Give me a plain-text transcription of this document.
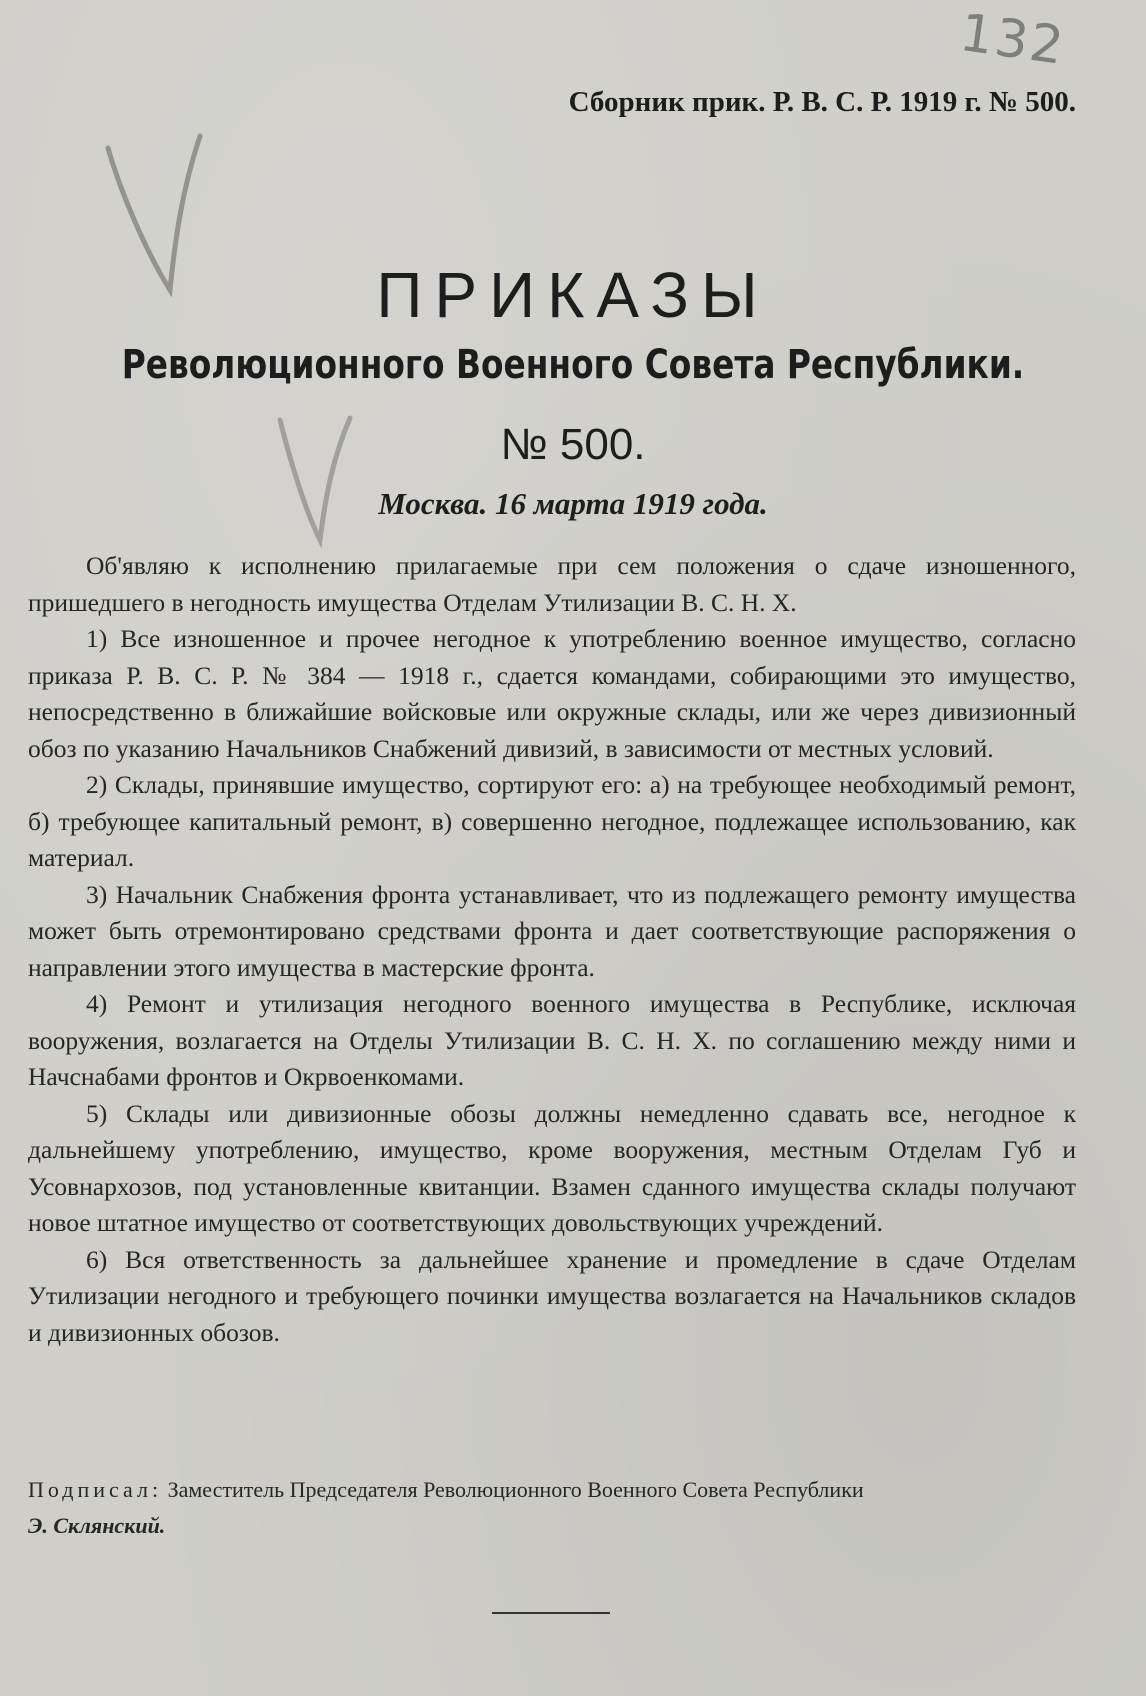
132
Сборник прик. Р. В. С. Р. 1919 г. № 500.
ПРИКАЗЫ
Революционного Военного Совета Республики.
№ 500.
Москва. 16 марта 1919 года.

Об'являю к исполнению прилагаемые при сем положения о сдаче изношенного, пришедшего в негодность имущества Отделам Утилизации В. С. Н. Х.

1) Все изношенное и прочее негодное к употреблению военное имущество, согласно приказа Р. В. С. Р. № 384 — 1918 г., сдается командами, собирающими это имущество, непосредственно в ближайшие войсковые или окружные склады, или же через дивизионный обоз по указанию Начальников Снабжений дивизий, в зависимости от местных условий.

2) Склады, принявшие имущество, сортируют его: а) на требующее необходимый ремонт, б) требующее капитальный ремонт, в) совершенно негодное, подлежащее использованию, как материал.

3) Начальник Снабжения фронта устанавливает, что из подлежащего ремонту имущества может быть отремонтировано средствами фронта и дает соответствующие распоряжения о направлении этого имущества в мастерские фронта.

4) Ремонт и утилизация негодного военного имущества в Республике, исключая вооружения, возлагается на Отделы Утилизации В. С. Н. Х. по соглашению между ними и Начснабами фронтов и Окрвоенкомами.

5) Склады или дивизионные обозы должны немедленно сдавать все, негодное к дальнейшему употреблению, имущество, кроме вооружения, местным Отделам Губ и Усовнархозов, под установленные квитанции. Взамен сданного имущества склады получают новое штатное имущество от соответствующих довольствующих учреждений.

6) Вся ответственность за дальнейшее хранение и промедление в сдаче Отделам Утилизации негодного и требующего починки имущества возлагается на Начальников складов и дивизионных обозов.

Подписал: Заместитель Председателя Революционного Военного Совета Республики
Э. Склянский.
